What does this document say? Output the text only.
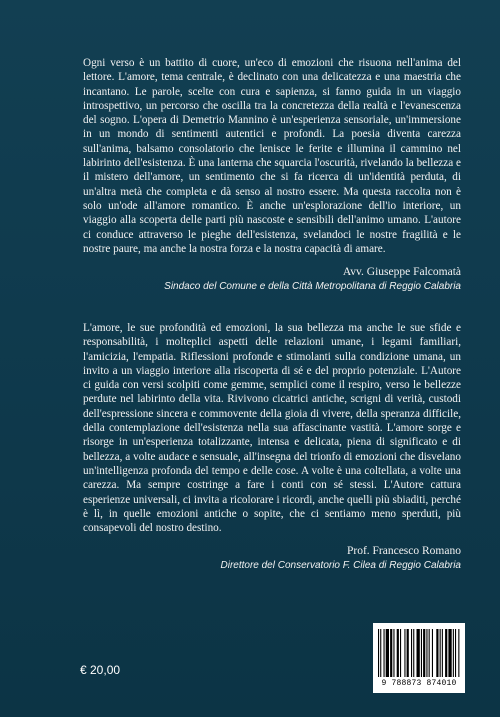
Ogni verso è un battito di cuore, un'eco di emozioni che risuona nell'anima del lettore. L'amore, tema centrale, è declinato con una delicatezza e una maestria che incantano. Le parole, scelte con cura e sapienza, si fanno guida in un viaggio introspettivo, un percorso che oscilla tra la concretezza della realtà e l'evanescenza del sogno. L'opera di Demetrio Mannino è un'esperienza sensoriale, un'immersione in un mondo di sentimenti autentici e profondi. La poesia diventa carezza sull'anima, balsamo consolatorio che lenisce le ferite e illumina il cammino nel labirinto dell'esistenza. È una lanterna che squarcia l'oscurità, rivelando la bellezza e il mistero dell'amore, un sentimento che si fa ricerca di un'identità perduta, di un'altra metà che completa e dà senso al nostro essere. Ma questa raccolta non è solo un'ode all'amore romantico. È anche un'esplorazione dell'io interiore, un viaggio alla scoperta delle parti più nascoste e sensibili dell'animo umano. L'autore ci conduce attraverso le pieghe dell'esistenza, svelandoci le nostre fragilità e le nostre paure, ma anche la nostra forza e la nostra capacità di amare.

Avv. Giuseppe Falcomatà
Sindaco del Comune e della Città Metropolitana di Reggio Calabria

L'amore, le sue profondità ed emozioni, la sua bellezza ma anche le sue sfide e responsabilità, i molteplici aspetti delle relazioni umane, i legami familiari, l'amicizia, l'empatia. Riflessioni profonde e stimolanti sulla condizione umana, un invito a un viaggio interiore alla riscoperta di sé e del proprio potenziale. L'Autore ci guida con versi scolpiti come gemme, semplici come il respiro, verso le bellezze perdute nel labirinto della vita. Rivivono cicatrici antiche, scrigni di verità, custodi dell'espressione sincera e commovente della gioia di vivere, della speranza difficile, della contemplazione dell'esistenza nella sua affascinante vastità. L'amore sorge e risorge in un'esperienza totalizzante, intensa e delicata, piena di significato e di bellezza, a volte audace e sensuale, all'insegna del trionfo di emozioni che disvelano un'intelligenza profonda del tempo e delle cose. A volte è una coltellata, a volte una carezza. Ma sempre costringe a fare i conti con sé stessi. L'Autore cattura esperienze universali, ci invita a ricolorare i ricordi, anche quelli più sbiaditi, perché è lì, in quelle emozioni antiche o sopite, che ci sentiamo meno sperduti, più consapevoli del nostro destino.

Prof. Francesco Romano
Direttore del Conservatorio F. Cilea di Reggio Calabria
€ 20,00
9 788873 874010
